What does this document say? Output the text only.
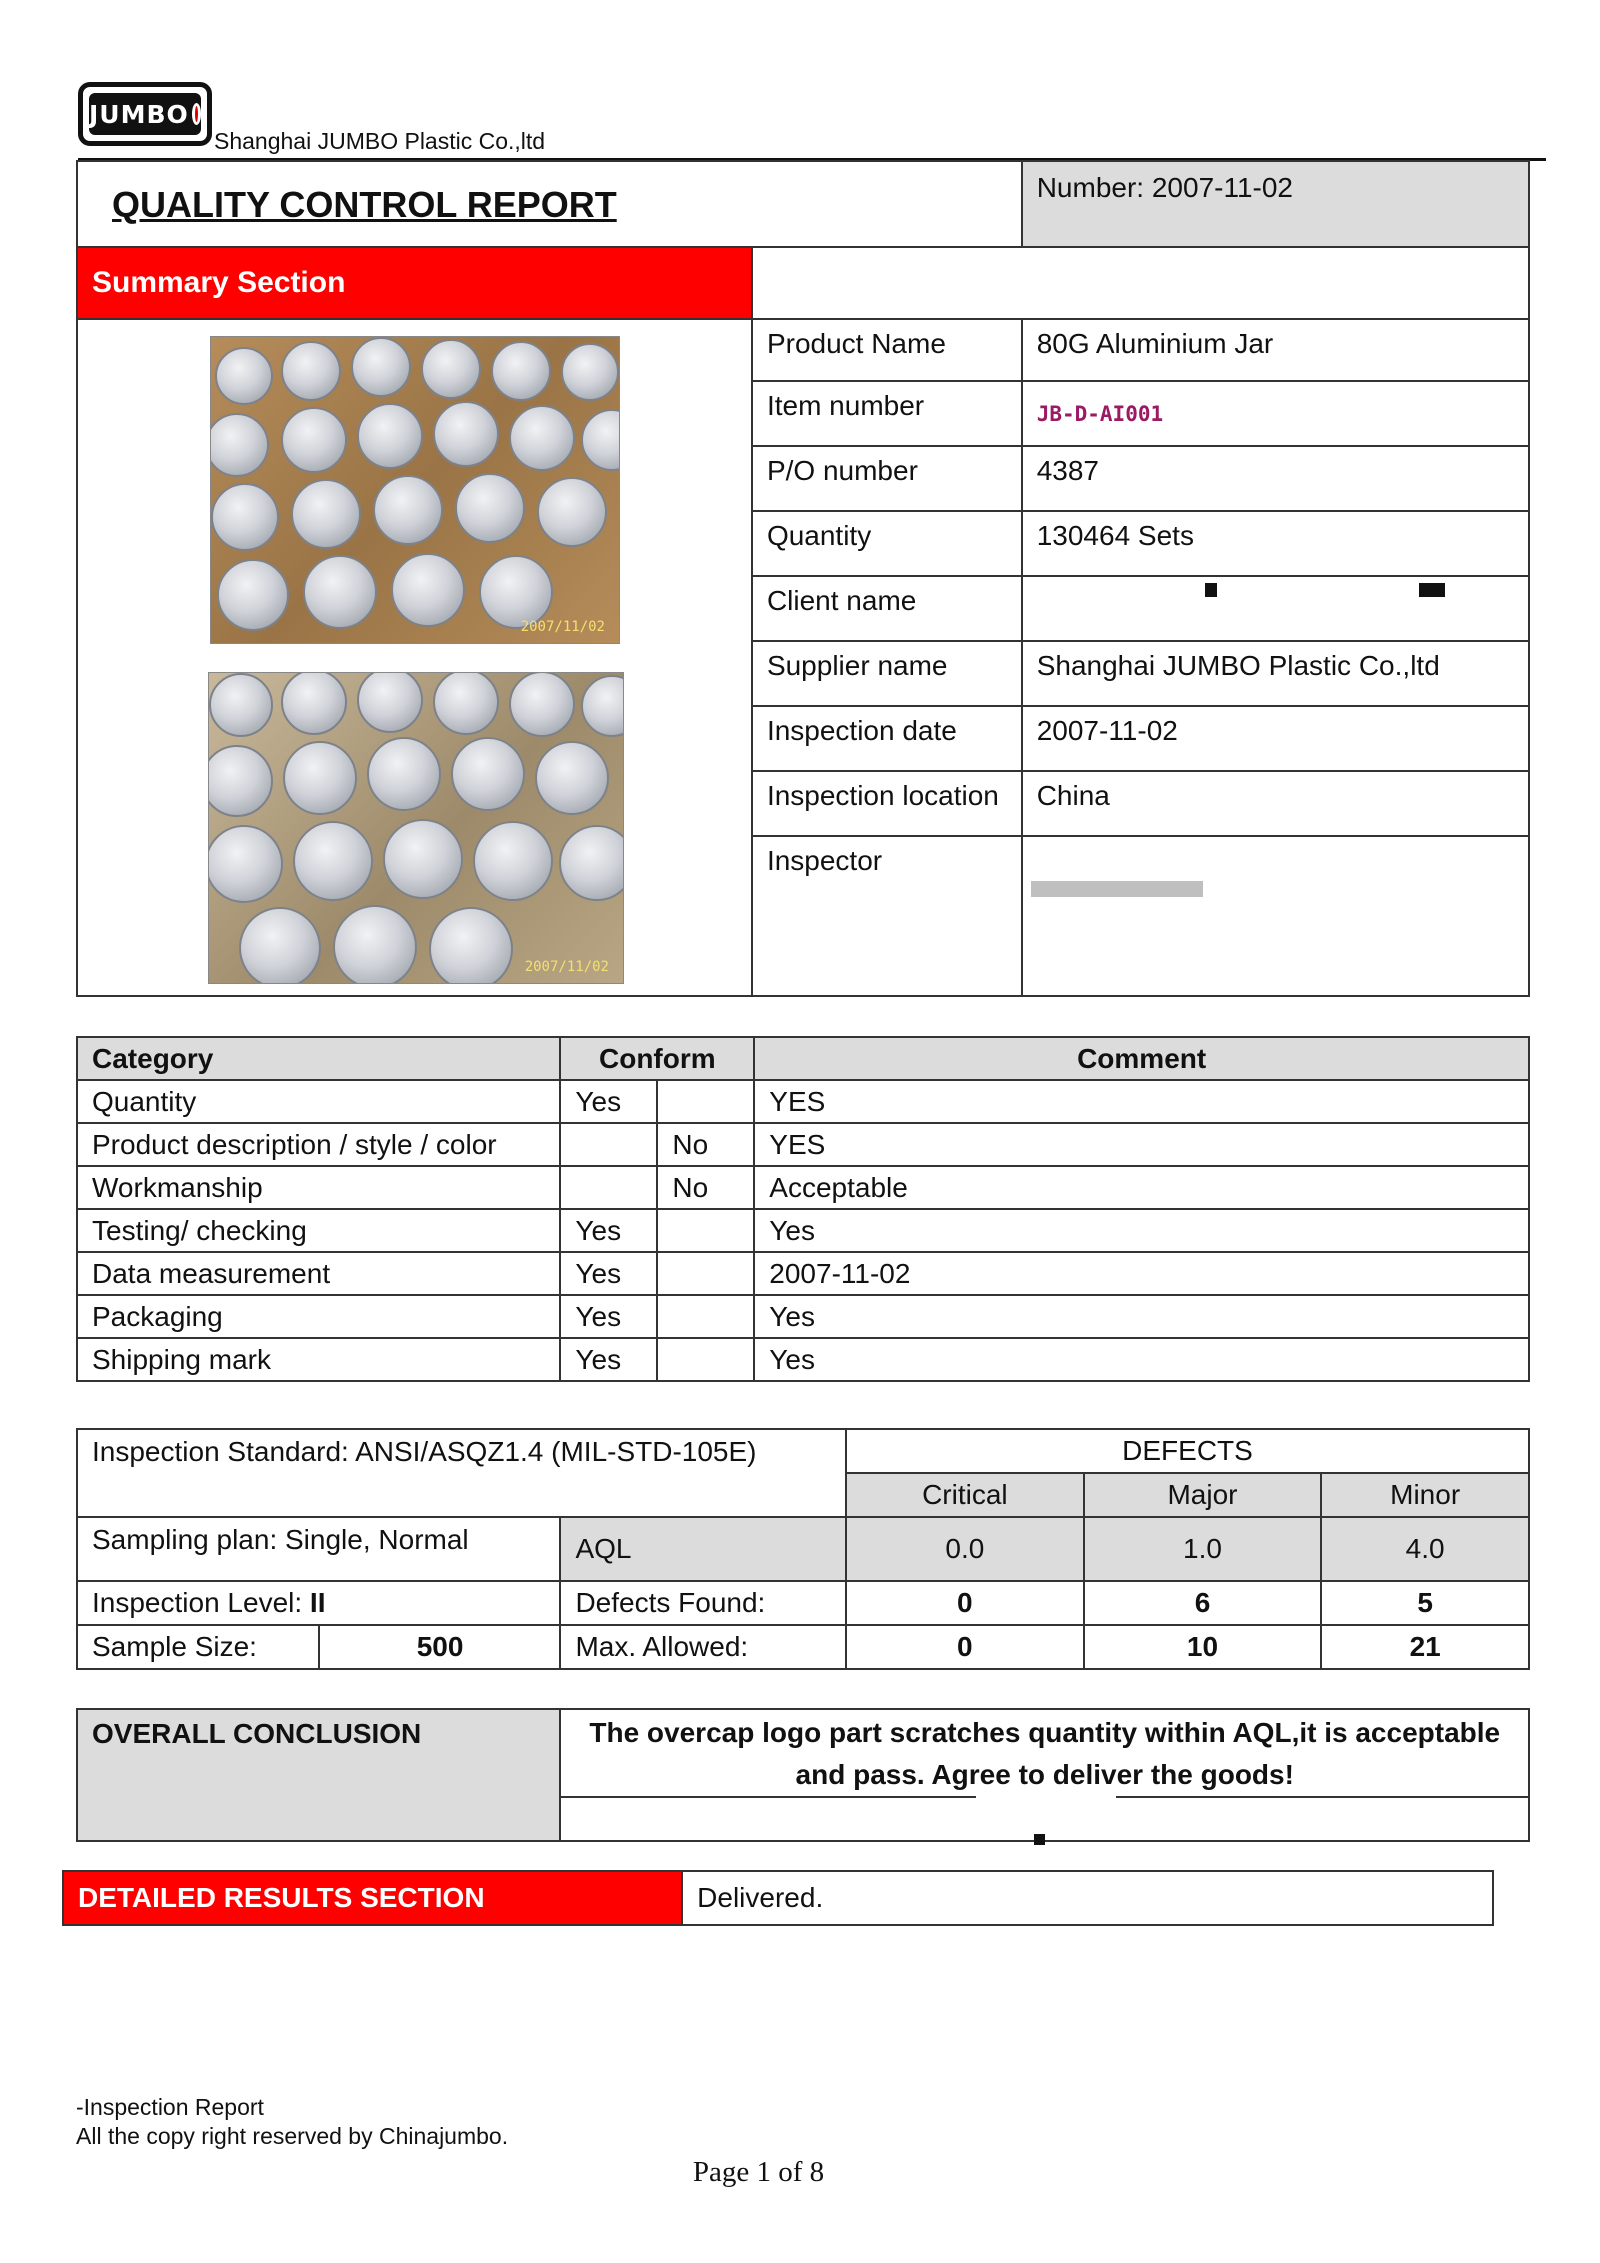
JUMBO
Shanghai JUMBO Plastic Co.,ltd
QUALITY CONTROL REPORT		Number: 2007-11-02
Summary Section		

2007/11/02
2007/11/02	Product Name	80G Aluminium Jar
	Item number	JB-D-AI001
	P/O number	4387
	Quantity	130464 Sets
	Client name	

	Supplier name	Shanghai JUMBO Plastic Co.,ltd
	Inspection date	2007-11-02
	Inspection location	China
	Inspector	
Category	Conform		Comment
Quantity	Yes		YES
Product description / style / color		No	YES
Workmanship		No	Acceptable
Testing/ checking	Yes		Yes
Data measurement	Yes		2007-11-02
Packaging	Yes		Yes
Shipping mark	Yes		Yes
Inspection Standard: ANSI/ASQZ1.4 (MIL-STD-105E)			DEFECTS		
			Critical	Major	Minor
Sampling plan: Single, Normal		AQL	0.0	1.0	4.0
Inspection Level: II		Defects Found:	0	6	5
Sample Size:	500	Max. Allowed:	0	10	21
OVERALL CONCLUSION	The overcap logo part scratches quantity within AQL,it is acceptable and pass. Agree to deliver the goods!

DETAILED RESULTS SECTION	Delivered.
-Inspection Report
All the copy right reserved by Chinajumbo.
Page 1 of 8
